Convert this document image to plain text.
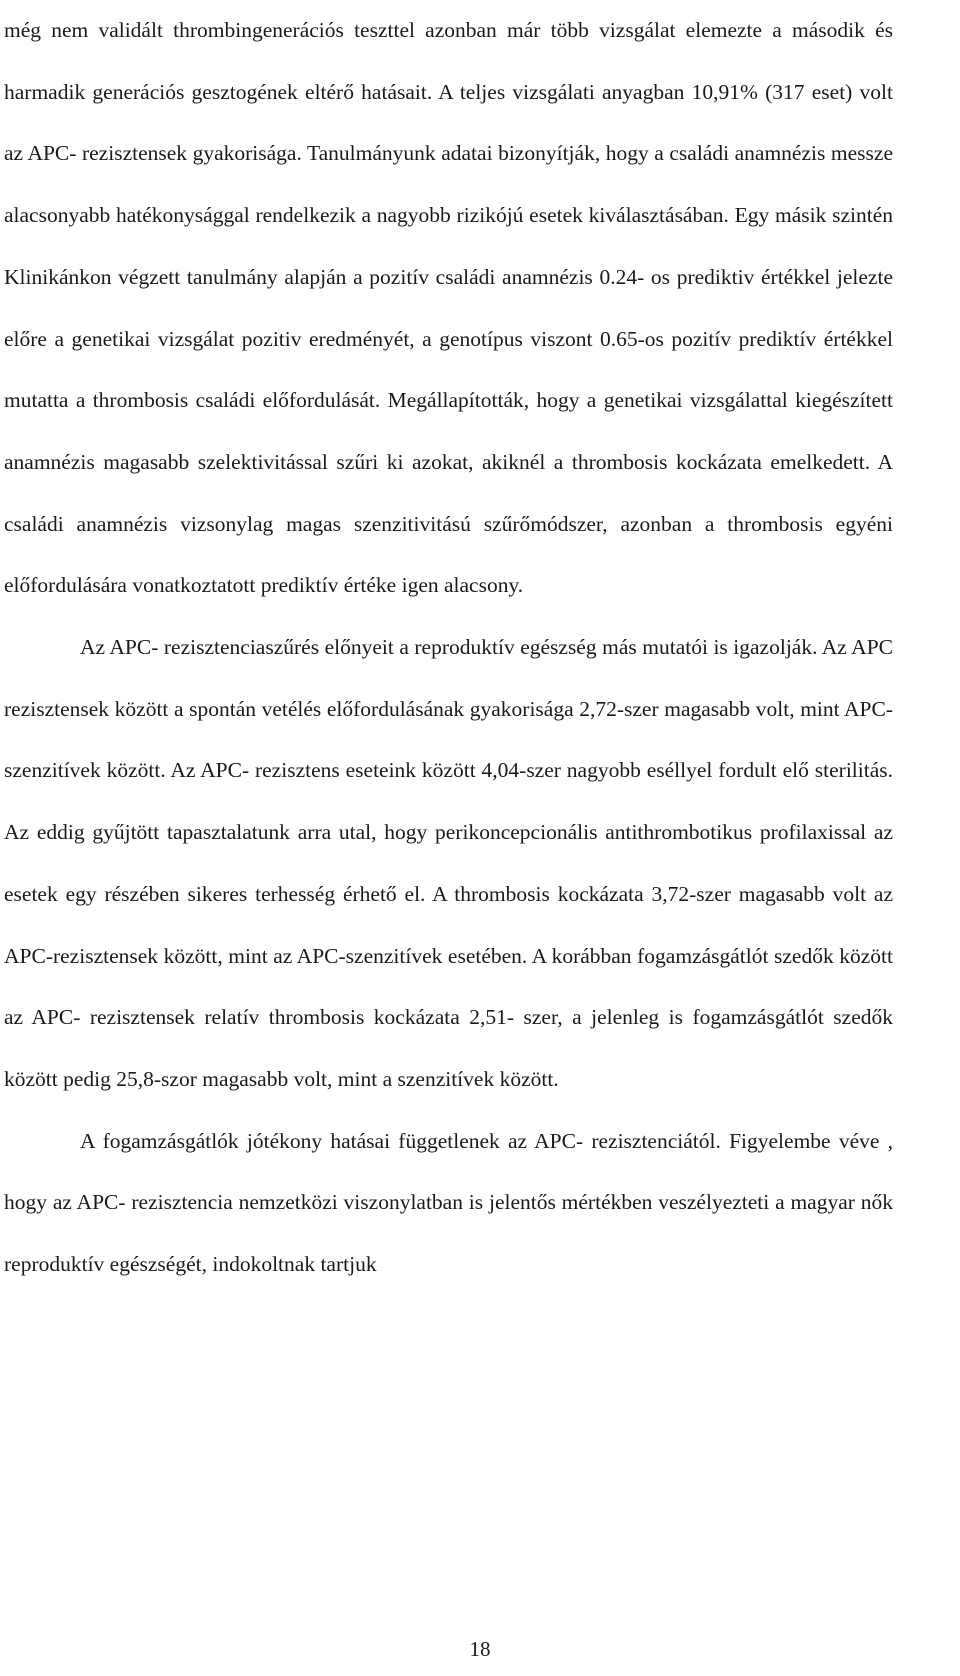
még nem validált thrombingenerációs teszttel azonban már több vizsgálat elemezte a második és harmadik generációs gesztogének eltérő hatásait. A teljes vizsgálati anyagban 10,91% (317 eset) volt az APC- rezisztensek gyakorisága. Tanulmányunk adatai bizonyítják, hogy a családi anamnézis messze alacsonyabb hatékonysággal rendelkezik a nagyobb rizikójú esetek kiválasztásában. Egy másik szintén Klinikánkon végzett tanulmány alapján a pozitív családi anamnézis 0.24- os prediktiv értékkel jelezte előre a genetikai vizsgálat pozitiv eredményét, a genotípus viszont 0.65-os pozitív prediktív értékkel mutatta a thrombosis családi előfordulását. Megállapították, hogy a genetikai vizsgálattal kiegészített anamnézis magasabb szelektivitással szűri ki azokat, akiknél a thrombosis kockázata emelkedett. A családi anamnézis vizsonylag magas szenzitivitású szűrőmódszer, azonban a thrombosis egyéni előfordulására vonatkoztatott prediktív értéke igen alacsony.

Az APC- rezisztenciaszűrés előnyeit a reproduktív egészség más mutatói is igazolják. Az APC rezisztensek között a spontán vetélés előfordulásának gyakorisága 2,72-szer magasabb volt, mint APC-szenzitívek között. Az APC- rezisztens eseteink között 4,04-szer nagyobb eséllyel fordult elő sterilitás. Az eddig gyűjtött tapasztalatunk arra utal, hogy perikoncepcionális antithrombotikus profilaxissal az esetek egy részében sikeres terhesség érhető el. A thrombosis kockázata 3,72-szer magasabb volt az APC-rezisztensek között, mint az APC-szenzitívek esetében. A korábban fogamzásgátlót szedők között az APC- rezisztensek relatív thrombosis kockázata 2,51- szer, a jelenleg is fogamzásgátlót szedők között pedig 25,8-szor magasabb volt, mint a szenzitívek között.

A fogamzásgátlók jótékony hatásai függetlenek az APC- rezisztenciától. Figyelembe véve , hogy az APC- rezisztencia nemzetközi viszonylatban is jelentős mértékben veszélyezteti a magyar nők reproduktív egészségét, indokoltnak tartjuk

18
